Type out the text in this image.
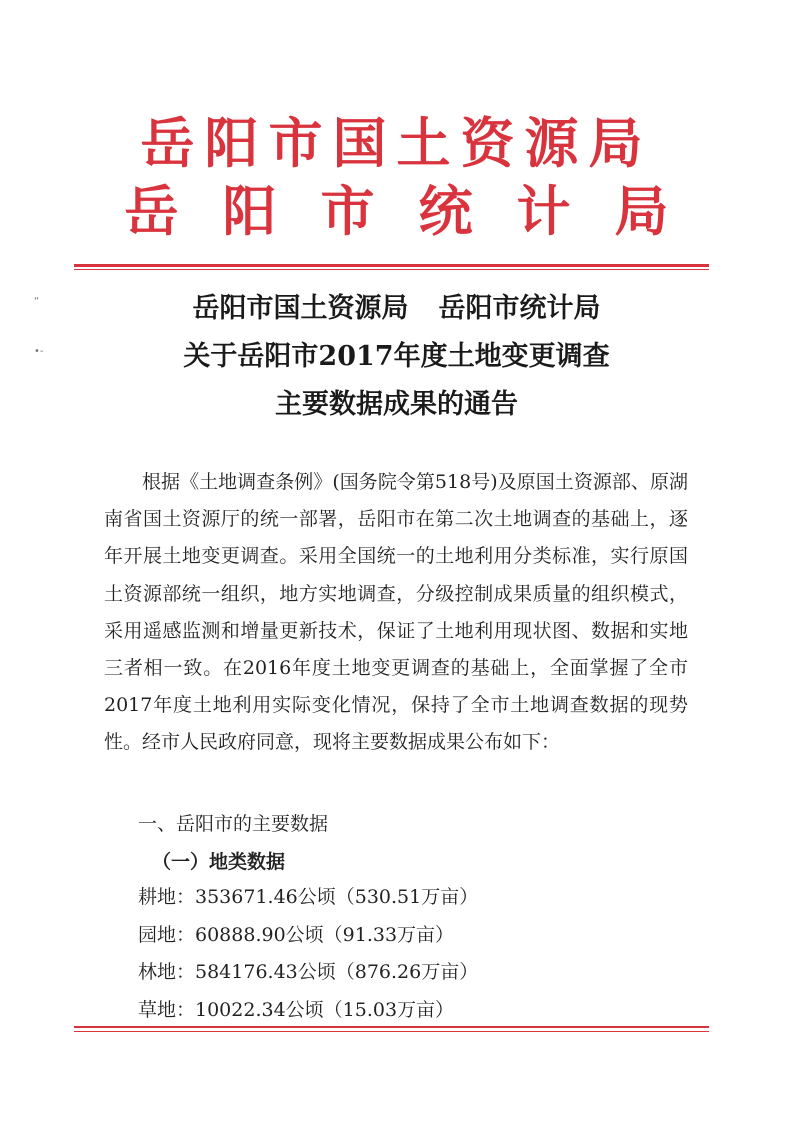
岳阳市国土资源局
岳阳市统计局
“
•-
岳阳市国土资源局 岳阳市统计局
关于岳阳市2017年度土地变更调查
主要数据成果的通告
根据《土地调查条例》(国务院令第518号)及原国土资源部、原湖南省国土资源厅的统一部署，岳阳市在第二次土地调查的基础上，逐年开展土地变更调查。采用全国统一的土地利用分类标准，实行原国土资源部统一组织，地方实地调查，分级控制成果质量的组织模式，采用遥感监测和增量更新技术，保证了土地利用现状图、数据和实地三者相一致。在2016年度土地变更调查的基础上，全面掌握了全市2017年度土地利用实际变化情况，保持了全市土地调查数据的现势性。经市人民政府同意，现将主要数据成果公布如下：
一、岳阳市的主要数据
（一）地类数据
耕地：353671.46公顷（530.51万亩）
园地：60888.90公顷（91.33万亩）
林地：584176.43公顷（876.26万亩）
草地：10022.34公顷（15.03万亩）
